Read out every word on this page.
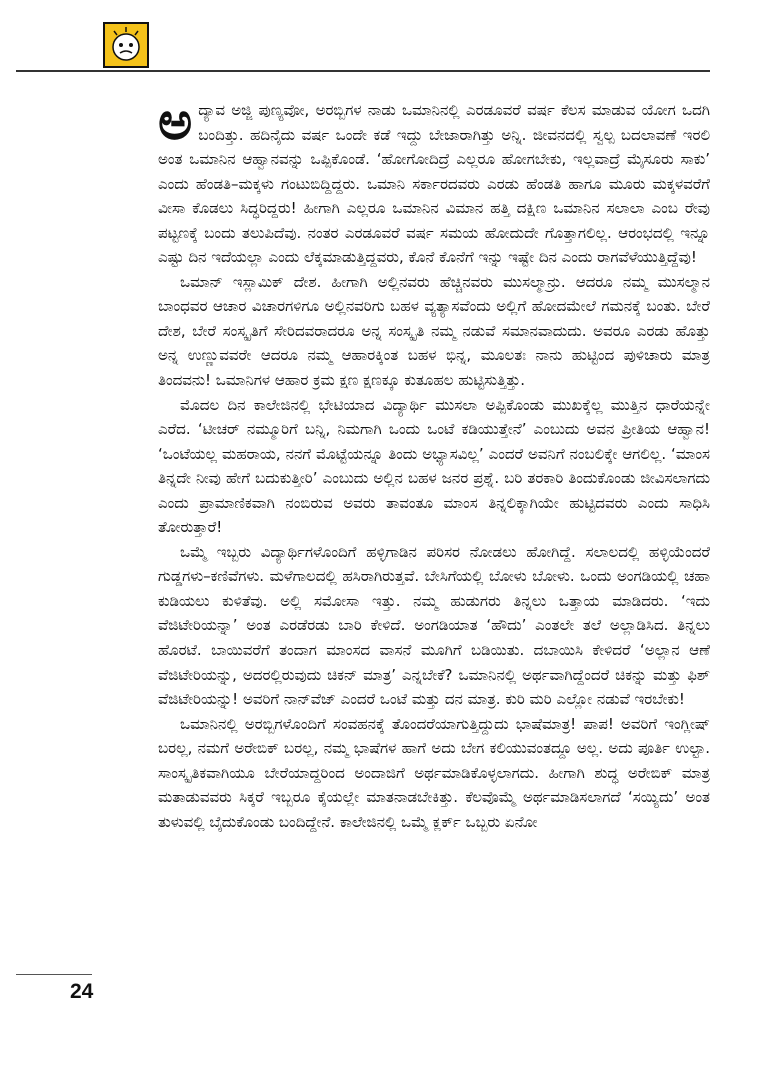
ಅದ್ಯಾವ ಅಜ್ಜಿ ಪುಣ್ಯವೋ, ಅರಬ್ಬಿಗಳ ನಾಡು ಒಮಾನಿನಲ್ಲಿ ಎರಡೂವರೆ ವರ್ಷ ಕೆಲಸ ಮಾಡುವ ಯೋಗ ಒದಗಿ ಬಂದಿತ್ತು. ಹದಿನೈದು ವರ್ಷ ಒಂದೇ ಕಡೆ ಇದ್ದು ಬೇಜಾರಾಗಿತ್ತು ಅನ್ನಿ. ಜೀವನದಲ್ಲಿ ಸ್ವಲ್ಪ ಬದಲಾವಣೆ ಇರಲಿ ಅಂತ ಒಮಾನಿನ ಆಹ್ವಾನವನ್ನು ಒಪ್ಪಿಕೊಂಡೆ. ‘ಹೋಗೋದಿದ್ರೆ ಎಲ್ಲರೂ ಹೋಗಬೇಕು, ಇಲ್ಲವಾದ್ರೆ ಮೈಸೂರು ಸಾಕು’ ಎಂದು ಹೆಂಡತಿ–ಮಕ್ಕಳು ಗಂಟುಬಿದ್ದಿದ್ದರು. ಒಮಾನಿ ಸರ್ಕಾರದವರು ಎರಡು ಹೆಂಡತಿ ಹಾಗೂ ಮೂರು ಮಕ್ಕಳವರೆಗೆ ವೀಸಾ ಕೊಡಲು ಸಿದ್ಧರಿದ್ದರು! ಹೀಗಾಗಿ ಎಲ್ಲರೂ ಒಮಾನಿನ ವಿಮಾನ ಹತ್ತಿ ದಕ್ಷಿಣ ಒಮಾನಿನ ಸಲಾಲಾ ಎಂಬ ರೇವು ಪಟ್ಟಣಕ್ಕೆ ಬಂದು ತಲುಪಿದೆವು. ನಂತರ ಎರಡೂವರೆ ವರ್ಷ ಸಮಯ ಹೋದುದೇ ಗೊತ್ತಾಗಲಿಲ್ಲ. ಆರಂಭದಲ್ಲಿ ಇನ್ನೂ ಎಷ್ಟು ದಿನ ಇದೆಯಲ್ಲಾ ಎಂದು ಲೆಕ್ಕಮಾಡುತ್ತಿದ್ದವರು, ಕೊನೆ ಕೊನೆಗೆ ಇನ್ನು ಇಷ್ಟೇ ದಿನ ಎಂದು ರಾಗವೆಳೆಯುತ್ತಿದ್ದೆವು!

ಒಮಾನ್ ಇಸ್ಲಾಮಿಕ್ ದೇಶ. ಹೀಗಾಗಿ ಅಲ್ಲಿನವರು ಹೆಚ್ಚಿನವರು ಮುಸಲ್ಮಾನ್ರು. ಆದರೂ ನಮ್ಮ ಮುಸಲ್ಮಾನ ಬಾಂಧವರ ಆಚಾರ ವಿಚಾರಗಳಿಗೂ ಅಲ್ಲಿನವರಿಗು ಬಹಳ ವ್ಯತ್ಯಾಸವೆಂದು ಅಲ್ಲಿಗೆ ಹೋದಮೇಲೆ ಗಮನಕ್ಕೆ ಬಂತು. ಬೇರೆ ದೇಶ, ಬೇರೆ ಸಂಸ್ಕೃತಿಗೆ ಸೇರಿದವರಾದರೂ ಅನ್ನ ಸಂಸ್ಕೃತಿ ನಮ್ಮ ನಡುವೆ ಸಮಾನವಾದುದು. ಅವರೂ ಎರಡು ಹೊತ್ತು ಅನ್ನ ಉಣ್ಣುವವರೇ ಆದರೂ ನಮ್ಮ ಆಹಾರಕ್ಕಿಂತ ಬಹಳ ಭಿನ್ನ, ಮೂಲತಃ ನಾನು ಹುಟ್ಟಿಂದ ಪುಳಿಚಾರು ಮಾತ್ರ ತಿಂದವನು! ಒಮಾನಿಗಳ ಆಹಾರ ಕ್ರಮ ಕ್ಷಣ ಕ್ಷಣಕ್ಕೂ ಕುತೂಹಲ ಹುಟ್ಟಿಸುತ್ತಿತ್ತು.

ಮೊದಲ ದಿನ ಕಾಲೇಜಿನಲ್ಲಿ ಭೇಟಿಯಾದ ವಿದ್ಯಾರ್ಥಿ ಮುಸಲಾ ಅಪ್ಪಿಕೊಂಡು ಮುಖಕ್ಕೆಲ್ಲ ಮುತ್ತಿನ ಧಾರೆಯನ್ನೇ ಎರೆದ. ‘ಟೀಚರ್ ನಮ್ಮೂರಿಗೆ ಬನ್ನಿ, ನಿಮಗಾಗಿ ಒಂದು ಒಂಟೆ ಕಡಿಯುತ್ತೇನೆ’ ಎಂಬುದು ಅವನ ಪ್ರೀತಿಯ ಆಹ್ವಾನ! ‘ಒಂಟೆಯಲ್ಲ ಮಹರಾಯ, ನನಗೆ ಮೊಟ್ಟೆಯನ್ನೂ ತಿಂದು ಅಭ್ಯಾಸವಿಲ್ಲ’ ಎಂದರೆ ಅವನಿಗೆ ನಂಬಲಿಕ್ಕೇ ಆಗಲಿಲ್ಲ. ‘ಮಾಂಸ ತಿನ್ನದೇ ನೀವು ಹೇಗೆ ಬದುಕುತ್ತೀರಿ’ ಎಂಬುದು ಅಲ್ಲಿನ ಬಹಳ ಜನರ ಪ್ರಶ್ನೆ. ಬರಿ ತರಕಾರಿ ತಿಂದುಕೊಂಡು ಜೀವಿಸಲಾಗದು ಎಂದು ಪ್ರಾಮಾಣಿಕವಾಗಿ ನಂಬಿರುವ ಅವರು ತಾವಂತೂ ಮಾಂಸ ತಿನ್ನಲಿಕ್ಕಾಗಿಯೇ ಹುಟ್ಟಿದವರು ಎಂದು ಸಾಧಿಸಿ ತೋರುತ್ತಾರೆ!

ಒಮ್ಮೆ ಇಬ್ಬರು ವಿದ್ಯಾರ್ಥಿಗಳೊಂದಿಗೆ ಹಳ್ಳಿಗಾಡಿನ ಪರಿಸರ ನೋಡಲು ಹೋಗಿದ್ದೆ. ಸಲಾಲದಲ್ಲಿ ಹಳ್ಳಿಯೆಂದರೆ ಗುಡ್ಡಗಳು–ಕಣಿವೆಗಳು. ಮಳೆಗಾಲದಲ್ಲಿ ಹಸಿರಾಗಿರುತ್ತವೆ. ಬೇಸಿಗೆಯಲ್ಲಿ ಬೋಳು ಬೋಳು. ಒಂದು ಅಂಗಡಿಯಲ್ಲಿ ಚಹಾ ಕುಡಿಯಲು ಕುಳಿತೆವು. ಅಲ್ಲಿ ಸಮೋಸಾ ಇತ್ತು. ನಮ್ಮ ಹುಡುಗರು ತಿನ್ನಲು ಒತ್ತಾಯ ಮಾಡಿದರು. ‘ಇದು ವೆಜಿಟೇರಿಯನ್ನಾ’ ಅಂತ ಎರಡೆರಡು ಬಾರಿ ಕೇಳಿದೆ. ಅಂಗಡಿಯಾತ ‘ಹೌದು’ ಎಂತಲೇ ತಲೆ ಅಲ್ಲಾಡಿಸಿದ. ತಿನ್ನಲು ಹೊರಟೆ. ಬಾಯಿವರೆಗೆ ತಂದಾಗ ಮಾಂಸದ ವಾಸನೆ ಮೂಗಿಗೆ ಬಡಿಯಿತು. ದಬಾಯಿಸಿ ಕೇಳಿದರೆ ‘ಅಲ್ಲಾನ ಆಣೆ ವೆಜಿಟೇರಿಯನ್ನು, ಅದರಲ್ಲಿರುವುದು ಚಿಕನ್ ಮಾತ್ರ’ ಎನ್ನಬೇಕೆ? ಒಮಾನಿನಲ್ಲಿ ಅರ್ಥವಾಗಿದ್ದೆಂದರೆ ಚಿಕನ್ನು ಮತ್ತು ಫಿಶ್ ವೆಜಿಟೇರಿಯನ್ನು! ಅವರಿಗೆ ನಾನ್‌ವೆಜ್ ಎಂದರೆ ಒಂಟೆ ಮತ್ತು ದನ ಮಾತ್ರ. ಕುರಿ ಮರಿ ಎಲ್ಲೋ ನಡುವೆ ಇರಬೇಕು!

ಒಮಾನಿನಲ್ಲಿ ಅರಬ್ಬಿಗಳೊಂದಿಗೆ ಸಂವಹನಕ್ಕೆ ತೊಂದರೆಯಾಗುತ್ತಿದ್ದುದು ಭಾಷೆಮಾತ್ರ! ಪಾಪ! ಅವರಿಗೆ ಇಂಗ್ಲೀಷ್ ಬರಲ್ಲ, ನಮಗೆ ಅರೇಬಿಕ್ ಬರಲ್ಲ, ನಮ್ಮ ಭಾಷೆಗಳ ಹಾಗೆ ಅದು ಬೇಗ ಕಲಿಯುವಂತದ್ದೂ ಅಲ್ಲ. ಅದು ಪೂರ್ತಿ ಉಲ್ಟಾ. ಸಾಂಸ್ಕೃತಿಕವಾಗಿಯೂ ಬೇರೆಯಾದ್ದರಿಂದ ಅಂದಾಜಿಗೆ ಅರ್ಥಮಾಡಿಕೊಳ್ಳಲಾಗದು. ಹೀಗಾಗಿ ಶುದ್ಧ ಅರೇಬಿಕ್ ಮಾತ್ರ ಮತಾಡುವವರು ಸಿಕ್ಕರೆ ಇಬ್ಬರೂ ಕೈಯಲ್ಲೇ ಮಾತನಾಡಬೇಕಿತ್ತು. ಕೆಲವೊಮ್ಮೆ ಅರ್ಥಮಾಡಿಸಲಾಗದೆ ‘ಸಯ್ಯಿದು’ ಅಂತ ತುಳುವಲ್ಲಿ ಬೈದುಕೊಂಡು ಬಂದಿದ್ದೇನೆ. ಕಾಲೇಜಿನಲ್ಲಿ ಒಮ್ಮೆ ಕ್ಲರ್ಕ್ ಒಬ್ಬರು ಏನೋ

24
